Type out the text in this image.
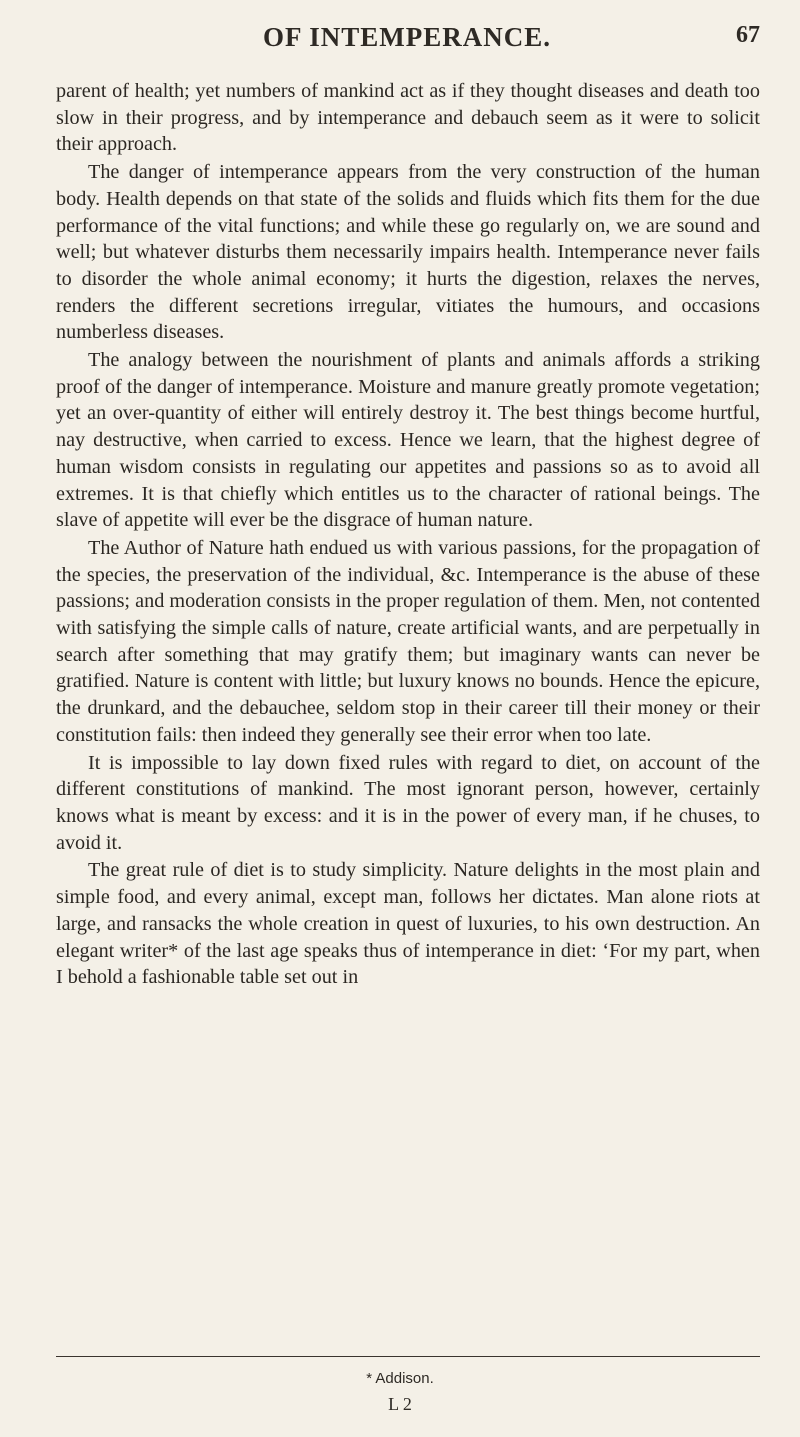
OF INTEMPERANCE.	67

parent of health; yet numbers of mankind act as if they thought diseases and death too slow in their progress, and by intemperance and debauch seem as it were to solicit their approach.

The danger of intemperance appears from the very construction of the human body. Health depends on that state of the solids and fluids which fits them for the due performance of the vital functions; and while these go regularly on, we are sound and well; but whatever disturbs them necessarily impairs health. Intemperance never fails to disorder the whole animal economy; it hurts the digestion, relaxes the nerves, renders the different secretions irregular, vitiates the humours, and occasions numberless diseases.

The analogy between the nourishment of plants and animals affords a striking proof of the danger of intemperance. Moisture and manure greatly promote vegetation; yet an over-quantity of either will entirely destroy it. The best things become hurtful, nay destructive, when carried to excess. Hence we learn, that the highest degree of human wisdom consists in regulating our appetites and passions so as to avoid all extremes. It is that chiefly which entitles us to the character of rational beings. The slave of appetite will ever be the disgrace of human nature.

The Author of Nature hath endued us with various passions, for the propagation of the species, the preservation of the individual, &c. Intemperance is the abuse of these passions; and moderation consists in the proper regulation of them. Men, not contented with satisfying the simple calls of nature, create artificial wants, and are perpetually in search after something that may gratify them; but imaginary wants can never be gratified. Nature is content with little; but luxury knows no bounds. Hence the epicure, the drunkard, and the debauchee, seldom stop in their career till their money or their constitution fails: then indeed they generally see their error when too late.

It is impossible to lay down fixed rules with regard to diet, on account of the different constitutions of mankind. The most ignorant person, however, certainly knows what is meant by excess: and it is in the power of every man, if he chuses, to avoid it.

The great rule of diet is to study simplicity. Nature delights in the most plain and simple food, and every animal, except man, follows her dictates. Man alone riots at large, and ransacks the whole creation in quest of luxuries, to his own destruction. An elegant writer* of the last age speaks thus of intemperance in diet: ‘For my part, when I behold a fashionable table set out in

* Addison.
L 2
